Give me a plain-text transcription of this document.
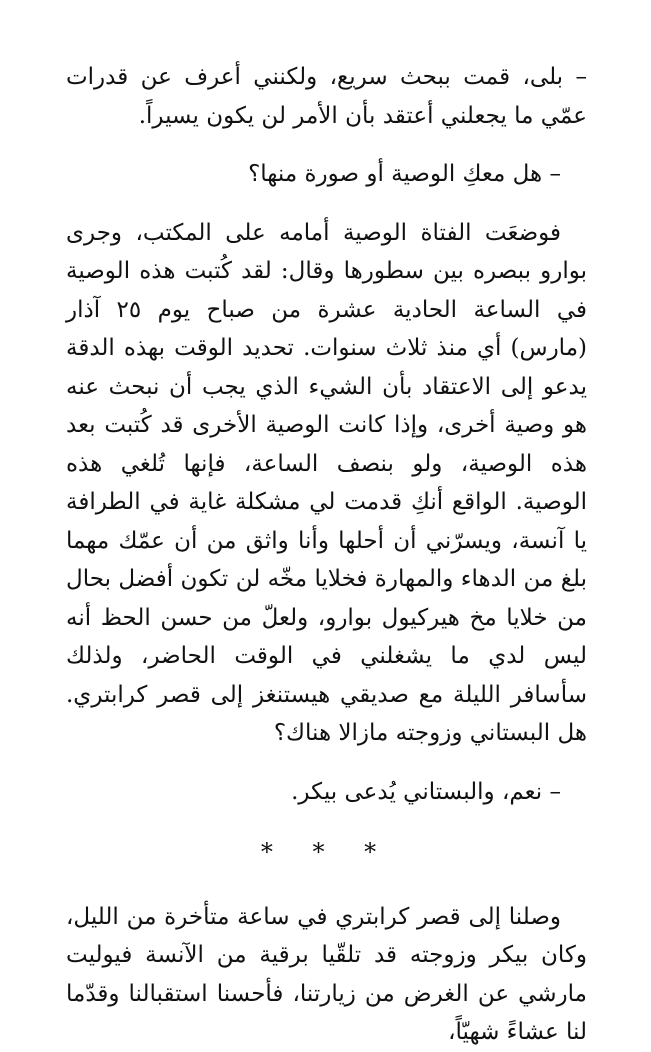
– بلى، قمت ببحث سريع، ولكنني أعرف عن قدرات عمّي ما يجعلني أعتقد بأن الأمر لن يكون يسيراً.

– هل معكِ الوصية أو صورة منها؟

فوضعَت الفتاة الوصية أمامه على المكتب، وجرى بوارو ببصره بين سطورها وقال: لقد كُتبت هذه الوصية في الساعة الحادية عشرة من صباح يوم ٢٥ آذار (مارس) أي منذ ثلاث سنوات. تحديد الوقت بهذه الدقة يدعو إلى الاعتقاد بأن الشيء الذي يجب أن نبحث عنه هو وصية أخرى، وإذا كانت الوصية الأخرى قد كُتبت بعد هذه الوصية، ولو بنصف الساعة، فإنها تُلغي هذه الوصية. الواقع أنكِ قدمت لي مشكلة غاية في الطرافة يا آنسة، ويسرّني أن أحلها وأنا واثق من أن عمّك مهما بلغ من الدهاء والمهارة فخلايا مخّه لن تكون أفضل بحال من خلايا مخ هيركيول بوارو، ولعلّ من حسن الحظ أنه ليس لدي ما يشغلني في الوقت الحاضر، ولذلك سأسافر الليلة مع صديقي هيستنغز إلى قصر كرابتري. هل البستاني وزوجته مازالا هناك؟

– نعم، والبستاني يُدعى بيكر.

* * *

وصلنا إلى قصر كرابتري في ساعة متأخرة من الليل، وكان بيكر وزوجته قد تلقّيا برقية من الآنسة فيوليت مارشي عن الغرض من زيارتنا، فأحسنا استقبالنا وقدّما لنا عشاءً شهيّاً،
